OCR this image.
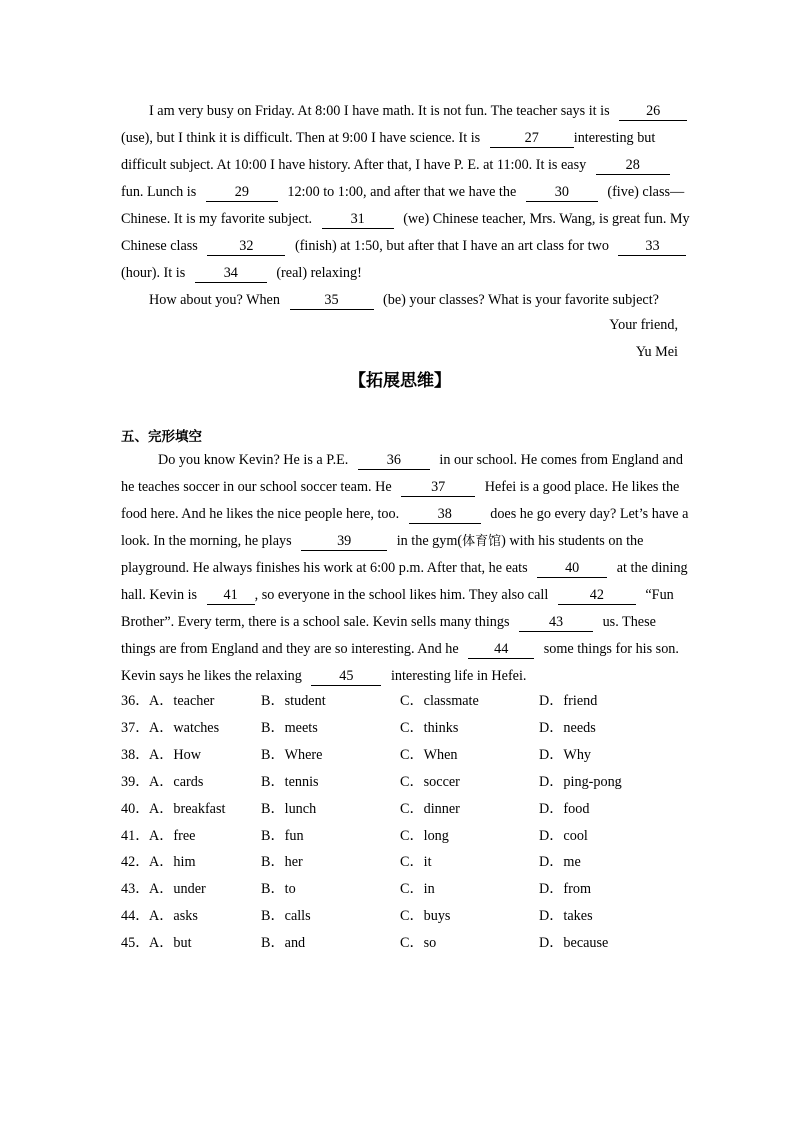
I am very busy on Friday. At 8:00 I have math. It is not fun. The teacher says it is	26
(use), but I think it is difficult. Then at 9:00 I have science. It is	27 interesting but
difficult subject. At 10:00 I have history. After that, I have P. E. at 11:00. It is easy	28
fun. Lunch is	29	12:00 to 1:00, and after that we have the	30	(five) class—
Chinese. It is my favorite subject.	31	(we) Chinese teacher, Mrs. Wang, is great fun. My
Chinese class	32	(finish) at 1:50, but after that I have an art class for two	33
(hour). It is	34	(real) relaxing!
How about you? When	35	(be) your classes? What is your favorite subject?
Your friend,
Yu Mei
【拓展思维】
五、完形填空
Do you know Kevin? He is a P.E.	36	in our school. He comes from England and
he teaches soccer in our school soccer team. He	37	Hefei is a good place. He likes the
food here. And he likes the nice people here, too.	38	does he go every day? Let’s have a
look. In the morning, he plays	39	in the gym(体育馆) with his students on the
playground. He always finishes his work at 6:00 p.m. After that, he eats	40	at the dining
hall. Kevin is 41 , so everyone in the school likes him. They also call	42	“Fun
Brother”. Every term, there is a school sale. Kevin sells many things	43	us. These
things are from England and they are so interesting. And he 44 some things for his son.
Kevin says he likes the relaxing	45	interesting life in Hefei.
36． A．teacher	B．student	C．classmate	D．friend
37． A．watches	B．meets	C．thinks	D．needs
38． A．How	B．Where	C．When	D．Why
39． A．cards	B．tennis	C．soccer	D．ping-pong
40． A．breakfast	B．lunch	C．dinner	D．food
41． A．free	B．fun	C．long	D．cool
42． A．him	B．her	C．it	D．me
43． A．under	B．to	C．in	D．from
44． A．asks	B．calls	C．buys	D．takes
45． A．but	B．and	C．so	D．because
